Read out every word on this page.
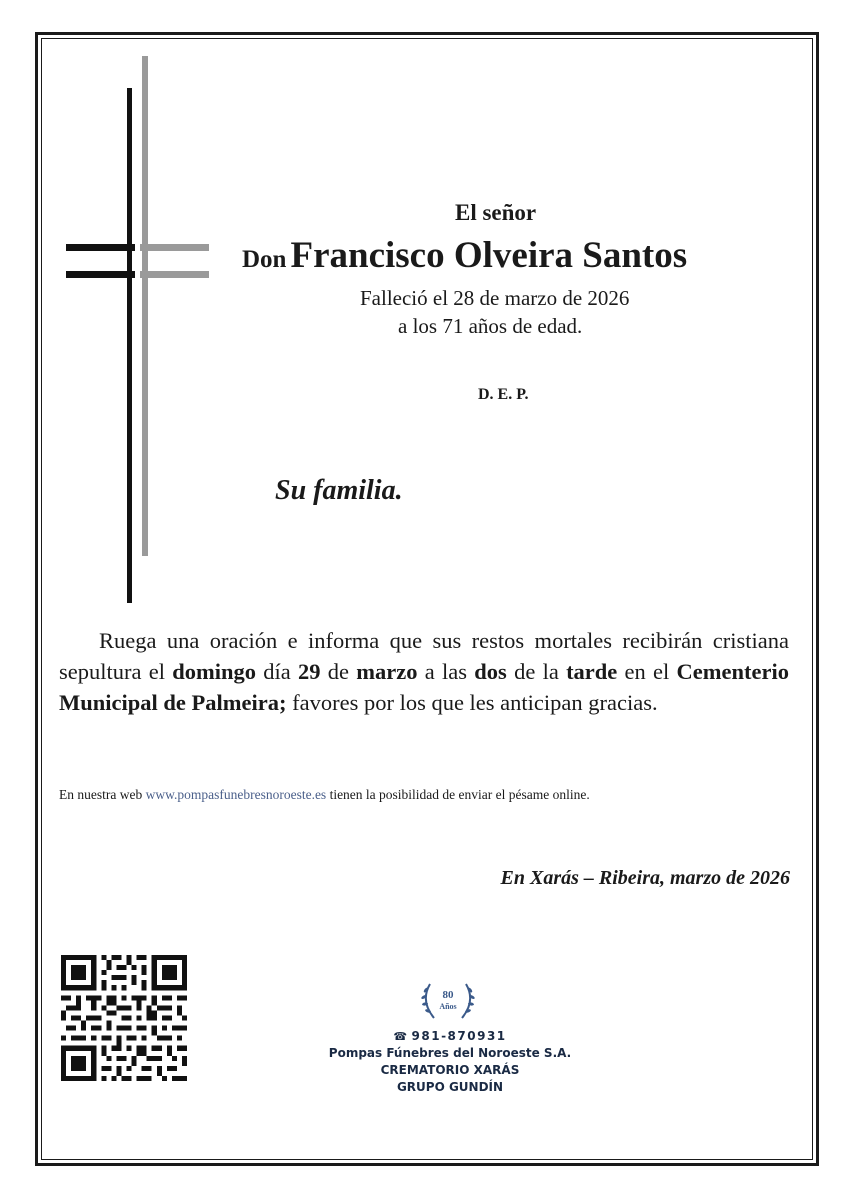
El señor

Don Francisco Olveira Santos

Falleció el 28 de marzo de 2026

a los 71 años de edad.

D. E. P.

Su familia.

Ruega una oración e informa que sus restos mortales recibirán cristiana sepultura el domingo día 29 de marzo a las dos de la tarde en el Cementerio Municipal de Palmeira; favores por los que les anticipan gracias.

En nuestra web www.pompasfunebresnoroeste.es tienen la posibilidad de enviar el pésame online.

En Xarás – Ribeira, marzo de 2026

80
Años
☎ 981-870931
Pompas Fúnebres del Noroeste S.A.
CREMATORIO XARÁS
GRUPO GUNDÍN
